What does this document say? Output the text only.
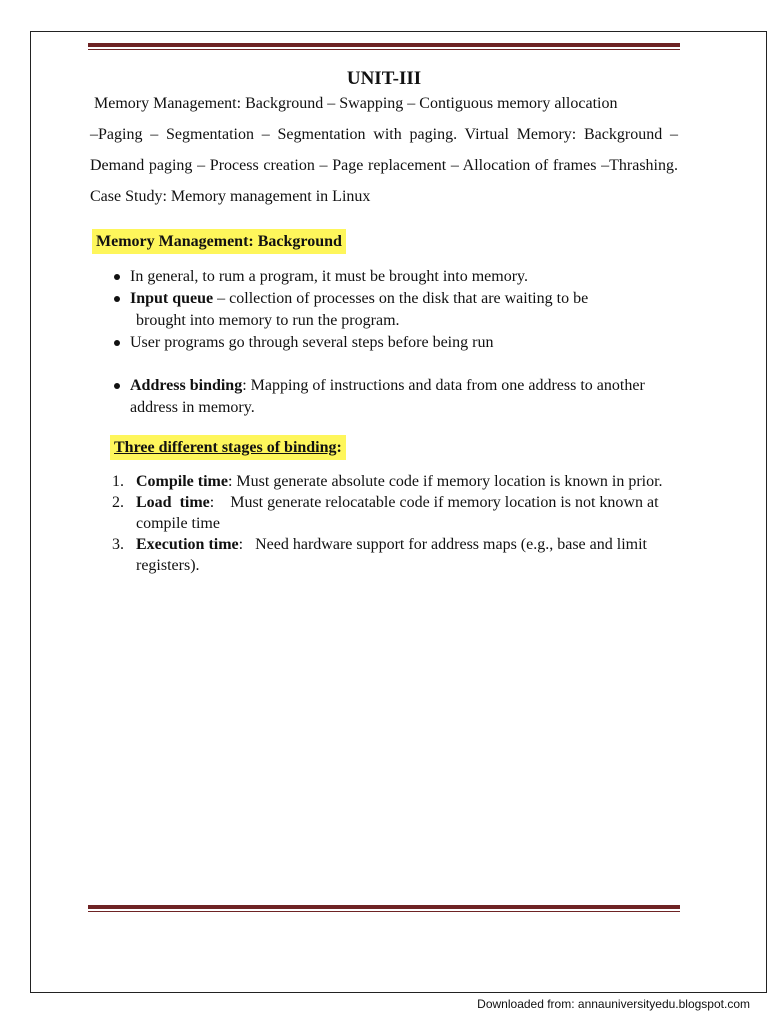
UNIT-III

Memory Management: Background – Swapping – Contiguous memory allocation
–Paging – Segmentation – Segmentation with paging. Virtual Memory: Background –Demand paging – Process creation – Page replacement – Allocation of frames –Thrashing. Case Study: Memory management in Linux

Memory Management: Background
In general, to rum a program, it must be brought into memory.
Input queue – collection of processes on the disk that are waiting to be
brought into memory to run the program.
User programs go through several steps before being run
Address binding: Mapping of instructions and data from one address to another address in memory.
Three different stages of binding:
1. Compile time: Must generate absolute code if memory location is known in prior.
2. Load  time:    Must generate relocatable code if memory location is not known at compile time
3. Execution time:   Need hardware support for address maps (e.g., base and limit registers).
Downloaded from: annauniversityedu.blogspot.com
